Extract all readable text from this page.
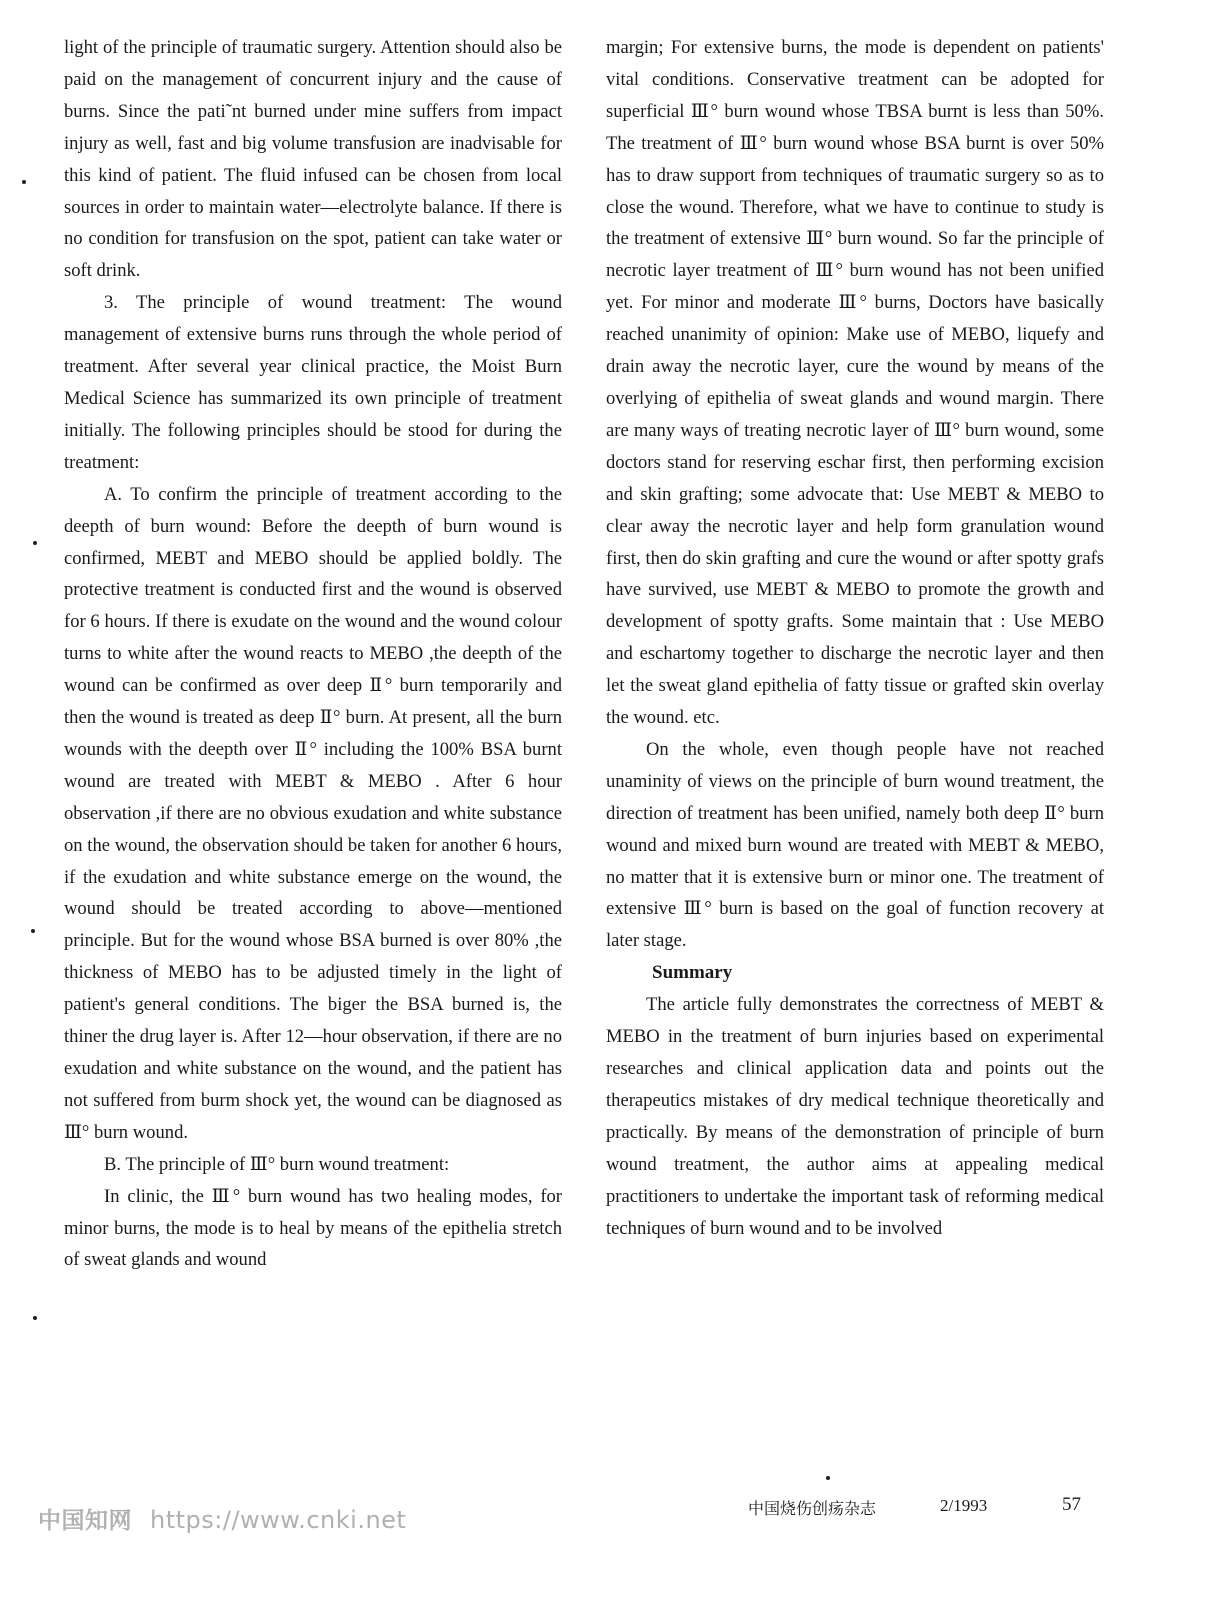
light of the principle of traumatic surgery. Attention should also be paid on the management of concurrent injury and the cause of burns. Since the pati˜nt burned under mine suffers from impact injury as well, fast and big volume transfusion are inadvisable for this kind of patient. The fluid infused can be chosen from local sources in order to maintain water—electrolyte balance. If there is no condition for transfusion on the spot, patient can take water or soft drink.

3. The principle of wound treatment: The wound management of extensive burns runs through the whole period of treatment. After several year clinical practice, the Moist Burn Medical Science has summarized its own principle of treatment initially. The following principles should be stood for during the treatment:

A. To confirm the principle of treatment according to the deepth of burn wound: Before the deepth of burn wound is confirmed, MEBT and MEBO should be applied boldly. The protective treatment is conducted first and the wound is observed for 6 hours. If there is exudate on the wound and the wound colour turns to white after the wound reacts to MEBO ,the deepth of the wound can be confirmed as over deep Ⅱ° burn temporarily and then the wound is treated as deep Ⅱ° burn. At present, all the burn wounds with the deepth over Ⅱ° including the 100% BSA burnt wound are treated with MEBT & MEBO . After 6 hour observation ,if there are no obvious exudation and white substance on the wound, the observation should be taken for another 6 hours, if the exudation and white substance emerge on the wound, the wound should be treated according to above—mentioned principle. But for the wound whose BSA burned is over 80% ,the thickness of MEBO has to be adjusted timely in the light of patient's general conditions. The biger the BSA burned is, the thiner the drug layer is. After 12—hour observation, if there are no exudation and white substance on the wound, and the patient has not suffered from burm shock yet, the wound can be diagnosed as Ⅲ° burn wound.

B. The principle of Ⅲ° burn wound treatment:

In clinic, the Ⅲ° burn wound has two healing modes, for minor burns, the mode is to heal by means of the epithelia stretch of sweat glands and wound

margin; For extensive burns, the mode is dependent on patients' vital conditions. Conservative treatment can be adopted for superficial Ⅲ° burn wound whose TBSA burnt is less than 50%. The treatment of Ⅲ° burn wound whose BSA burnt is over 50% has to draw support from techniques of traumatic surgery so as to close the wound. Therefore, what we have to continue to study is the treatment of extensive Ⅲ° burn wound. So far the principle of necrotic layer treatment of Ⅲ° burn wound has not been unified yet. For minor and moderate Ⅲ° burns, Doctors have basically reached unanimity of opinion: Make use of MEBO, liquefy and drain away the necrotic layer, cure the wound by means of the overlying of epithelia of sweat glands and wound margin. There are many ways of treating necrotic layer of Ⅲ° burn wound, some doctors stand for reserving eschar first, then performing excision and skin grafting; some advocate that: Use MEBT & MEBO to clear away the necrotic layer and help form granulation wound first, then do skin grafting and cure the wound or after spotty grafs have survived, use MEBT & MEBO to promote the growth and development of spotty grafts. Some maintain that : Use MEBO and eschartomy together to discharge the necrotic layer and then let the sweat gland epithelia of fatty tissue or grafted skin overlay the wound. etc.

On the whole, even though people have not reached unaminity of views on the principle of burn wound treatment, the direction of treatment has been unified, namely both deep Ⅱ° burn wound and mixed burn wound are treated with MEBT & MEBO, no matter that it is extensive burn or minor one. The treatment of extensive Ⅲ° burn is based on the goal of function recovery at later stage.

Summary

The article fully demonstrates the correctness of MEBT & MEBO in the treatment of burn injuries based on experimental researches and clinical application data and points out the therapeutics mistakes of dry medical technique theoretically and practically. By means of the demonstration of principle of burn wound treatment, the author aims at appealing medical practitioners to undertake the important task of reforming medical techniques of burn wound and to be involved

中国烧伤创疡杂志	2/1993	57
中国知网 https://www.cnki.net
